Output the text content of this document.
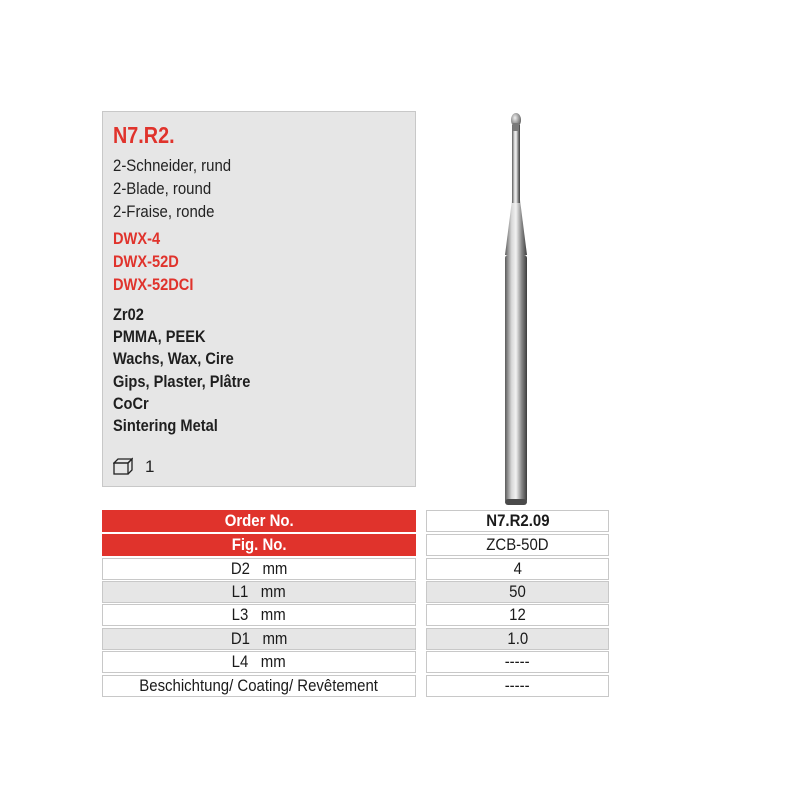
N7.R2.
2-Schneider, rund
2-Blade, round
2-Fraise, ronde
DWX-4
DWX-52D
DWX-52DCI
Zr02
PMMA, PEEK
Wachs, Wax, Cire
Gips, Plaster, Plâtre
CoCr
Sintering Metal
1
Order No.	N7.R2.09
Fig. No.	ZCB-50D
D2   mm	4
L1   mm	50
L3   mm	12
D1   mm	1.0
L4   mm	-----
Beschichtung/ Coating/ Revêtement	-----
